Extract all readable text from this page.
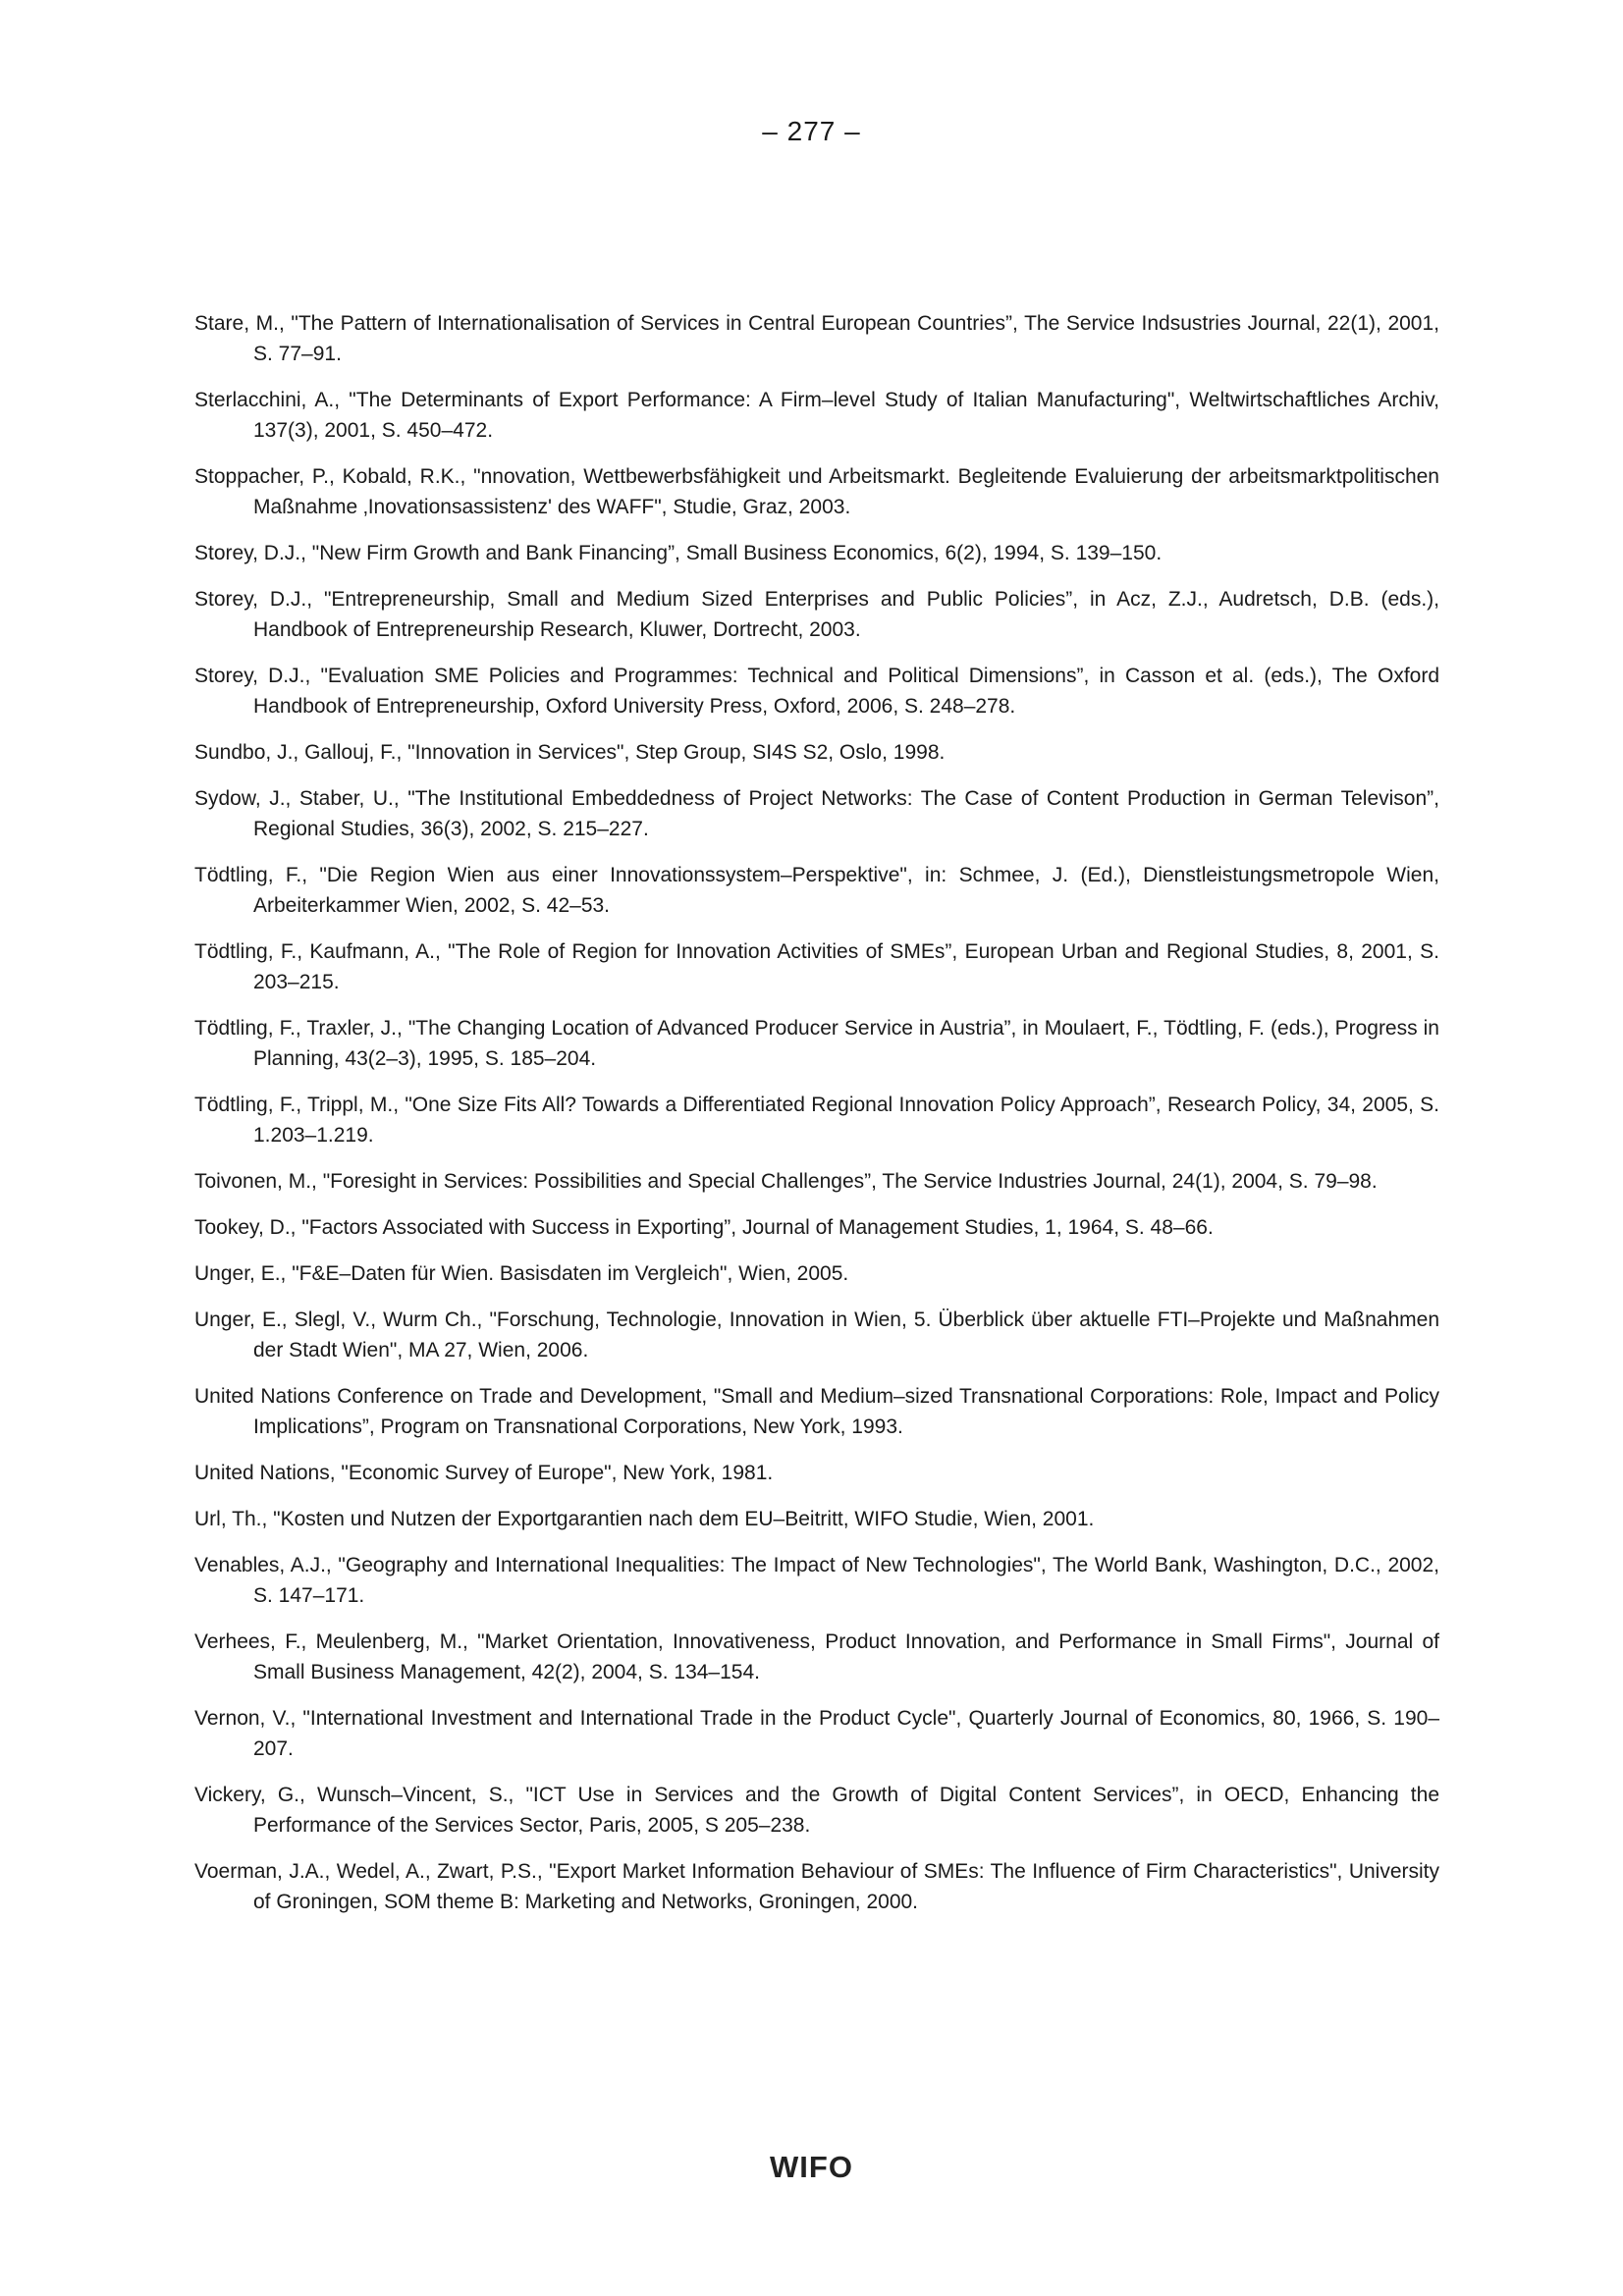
– 277 –

Stare, M., "The Pattern of Internationalisation of Services in Central European Countries”, The Service Indsustries Journal, 22(1), 2001, S. 77–91.

Sterlacchini, A., "The Determinants of Export Performance: A Firm–level Study of Italian Manufacturing", Weltwirtschaftliches Archiv, 137(3), 2001, S. 450–472.

Stoppacher, P., Kobald, R.K., "nnovation, Wettbewerbsfähigkeit und Arbeitsmarkt. Begleitende Evaluierung der arbeitsmarktpolitischen Maßnahme ‚Inovationsassistenz' des WAFF", Studie, Graz, 2003.

Storey, D.J., "New Firm Growth and Bank Financing”, Small Business Economics, 6(2), 1994, S. 139–150.

Storey, D.J., "Entrepreneurship, Small and Medium Sized Enterprises and Public Policies”, in Acz, Z.J., Audretsch, D.B. (eds.), Handbook of Entrepreneurship Research, Kluwer, Dortrecht, 2003.

Storey, D.J., "Evaluation SME Policies and Programmes: Technical and Political Dimensions”, in Casson et al. (eds.), The Oxford Handbook of Entrepreneurship, Oxford University Press, Oxford, 2006, S. 248–278.

Sundbo, J., Gallouj, F., "Innovation in Services", Step Group, SI4S S2, Oslo, 1998.

Sydow, J., Staber, U., "The Institutional Embeddedness of Project Networks: The Case of Content Production in German Televison”, Regional Studies, 36(3), 2002, S. 215–227.

Tödtling, F., "Die Region Wien aus einer Innovationssystem–Perspektive", in: Schmee, J. (Ed.), Dienstleistungsmetropole Wien, Arbeiterkammer Wien, 2002, S. 42–53.

Tödtling, F., Kaufmann, A., "The Role of Region for Innovation Activities of SMEs”, European Urban and Regional Studies, 8, 2001, S. 203–215.

Tödtling, F., Traxler, J., "The Changing Location of Advanced Producer Service in Austria”, in Moulaert, F., Tödtling, F. (eds.), Progress in Planning, 43(2–3), 1995, S. 185–204.

Tödtling, F., Trippl, M., "One Size Fits All? Towards a Differentiated Regional Innovation Policy Approach”, Research Policy, 34, 2005, S. 1.203–1.219.

Toivonen, M., "Foresight in Services: Possibilities and Special Challenges”, The Service Industries Journal, 24(1), 2004, S. 79–98.

Tookey, D., "Factors Associated with Success in Exporting”, Journal of Management Studies, 1, 1964, S. 48–66.

Unger, E., "F&E–Daten für Wien. Basisdaten im Vergleich", Wien, 2005.

Unger, E., Slegl, V., Wurm Ch., "Forschung, Technologie, Innovation in Wien, 5. Überblick über aktuelle FTI–Projekte und Maßnahmen der Stadt Wien", MA 27, Wien, 2006.

United Nations Conference on Trade and Development, "Small and Medium–sized Transnational Corporations: Role, Impact and Policy Implications”, Program on Transnational Corporations, New York, 1993.

United Nations, "Economic Survey of Europe", New York, 1981.

Url, Th., "Kosten und Nutzen der Exportgarantien nach dem EU–Beitritt, WIFO Studie, Wien, 2001.

Venables, A.J., "Geography and International Inequalities: The Impact of New Technologies", The World Bank, Washington, D.C., 2002, S. 147–171.

Verhees, F., Meulenberg, M., "Market Orientation, Innovativeness, Product Innovation, and Performance in Small Firms", Journal of Small Business Management, 42(2), 2004, S. 134–154.

Vernon, V., "International Investment and International Trade in the Product Cycle", Quarterly Journal of Economics, 80, 1966, S. 190–207.

Vickery, G., Wunsch–Vincent, S., "ICT Use in Services and the Growth of Digital Content Services”, in OECD, Enhancing the Performance of the Services Sector, Paris, 2005, S 205–238.

Voerman, J.A., Wedel, A., Zwart, P.S., "Export Market Information Behaviour of SMEs: The Influence of Firm Characteristics", University of Groningen, SOM theme B: Marketing and Networks, Groningen, 2000.

WIFO
